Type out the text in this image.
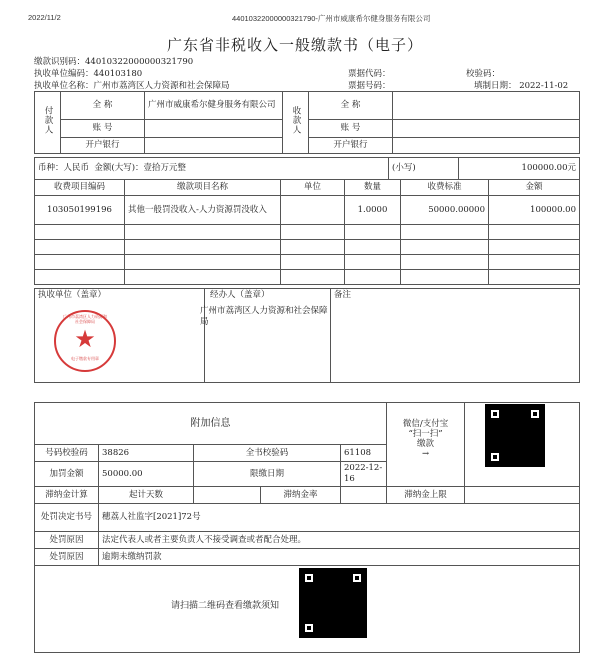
2022/11/2	44010322000000321790-广州市威康希尔健身服务有限公司
广东省非税收入一般缴款书（电子）
缴款识别码：44010322000000321790
执收单位编码：440103180
执收单位名称：广州市荔湾区人力资源和社会保障局
票据代码：
票据号码：
校验码：
填制日期： 2022-11-02
付款人	全 称	广州市威康希尔健身服务有限公司	收款人	全 称	
	账 号			账 号	
	开户银行			开户银行	
币种：人民币 金额(大写)：壹拾万元整	(小写)	100000.00元
收费项目编码	缴款项目名称	单位	数量	收费标准	金额
103050199196	其他一般罚没收入-人力资源罚没收入		1.0000	50000.00000	100000.00

执收单位（盖章）	经办人（盖章）	备注
广州市荔湾区人力资源和社会保障局
广州市荔湾区人力资源和社会保障局
★
电子缴款专用章
附加信息					微信/支付宝
“扫一扫”
缴款
→	

号码校验码	38826	全书校验码		61108		
加罚金额	50000.00	限缴日期		2022-12-16		
滞纳金计算	起计天数		滞纳金率		滞纳金上限	
处罚决定书号	穗荔人社监字[2021]72号					
处罚原因	法定代表人或者主要负责人不接受调查或者配合处理。					
处罚原因	逾期未缴纳罚款					

请扫描二维码查看缴款须知						
